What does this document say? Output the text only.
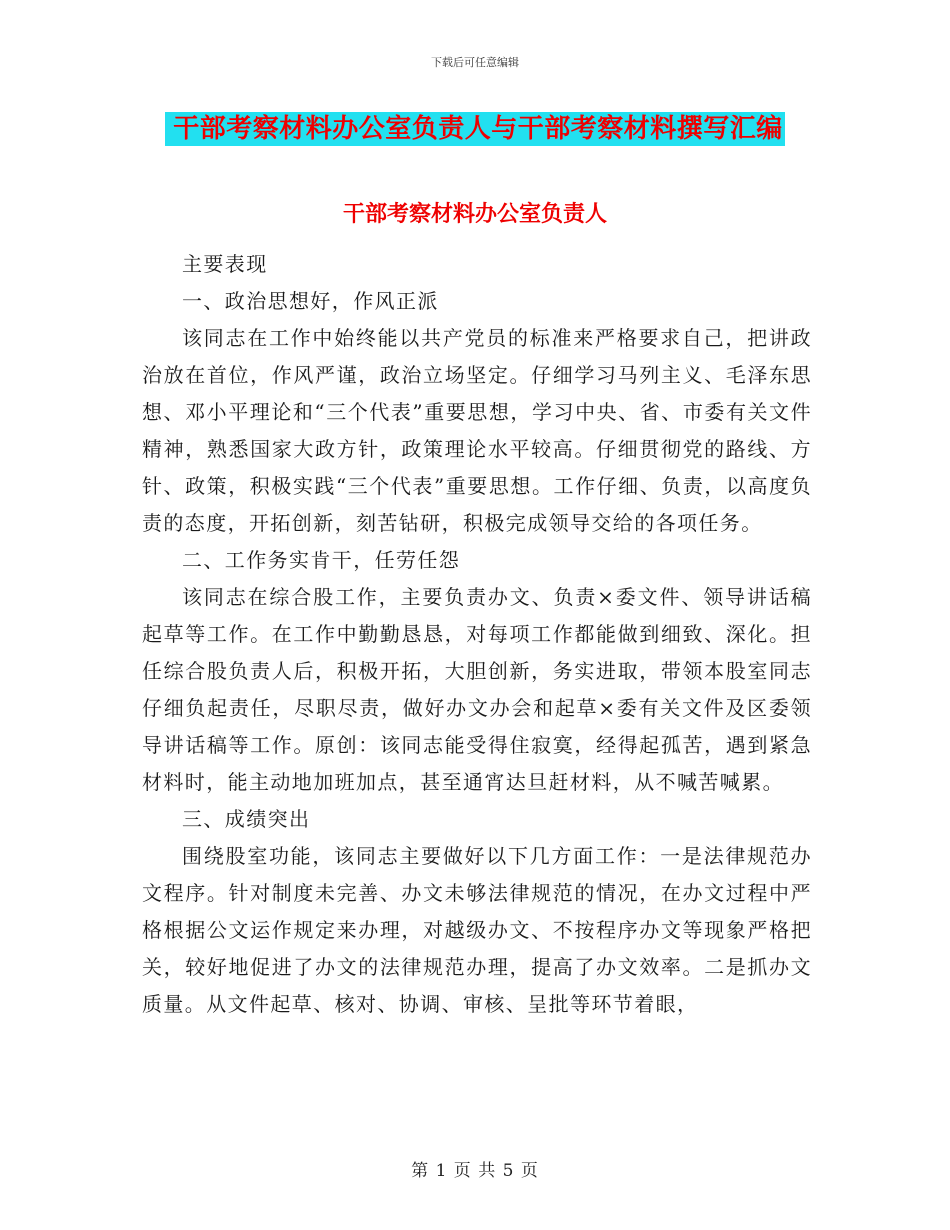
下载后可任意编辑
干部考察材料办公室负责人与干部考察材料撰写汇编
干部考察材料办公室负责人

主要表现

一、政治思想好，作风正派

该同志在工作中始终能以共产党员的标准来严格要求自己，把讲政治放在首位，作风严谨，政治立场坚定。仔细学习马列主义、毛泽东思想、邓小平理论和“三个代表”重要思想，学习中央、省、市委有关文件精神，熟悉国家大政方针，政策理论水平较高。仔细贯彻党的路线、方针、政策，积极实践“三个代表”重要思想。工作仔细、负责，以高度负责的态度，开拓创新，刻苦钻研，积极完成领导交给的各项任务。

二、工作务实肯干，任劳任怨

该同志在综合股工作，主要负责办文、负责×委文件、领导讲话稿起草等工作。在工作中勤勤恳恳，对每项工作都能做到细致、深化。担任综合股负责人后，积极开拓，大胆创新，务实进取，带领本股室同志仔细负起责任，尽职尽责，做好办文办会和起草×委有关文件及区委领导讲话稿等工作。原创：该同志能受得住寂寞，经得起孤苦，遇到紧急材料时，能主动地加班加点，甚至通宵达旦赶材料，从不喊苦喊累。

三、成绩突出

围绕股室功能，该同志主要做好以下几方面工作：一是法律规范办文程序。针对制度未完善、办文未够法律规范的情况，在办文过程中严格根据公文运作规定来办理，对越级办文、不按程序办文等现象严格把关，较好地促进了办文的法律规范办理，提高了办文效率。二是抓办文质量。从文件起草、核对、协调、审核、呈批等环节着眼，

第 1 页 共 5 页
